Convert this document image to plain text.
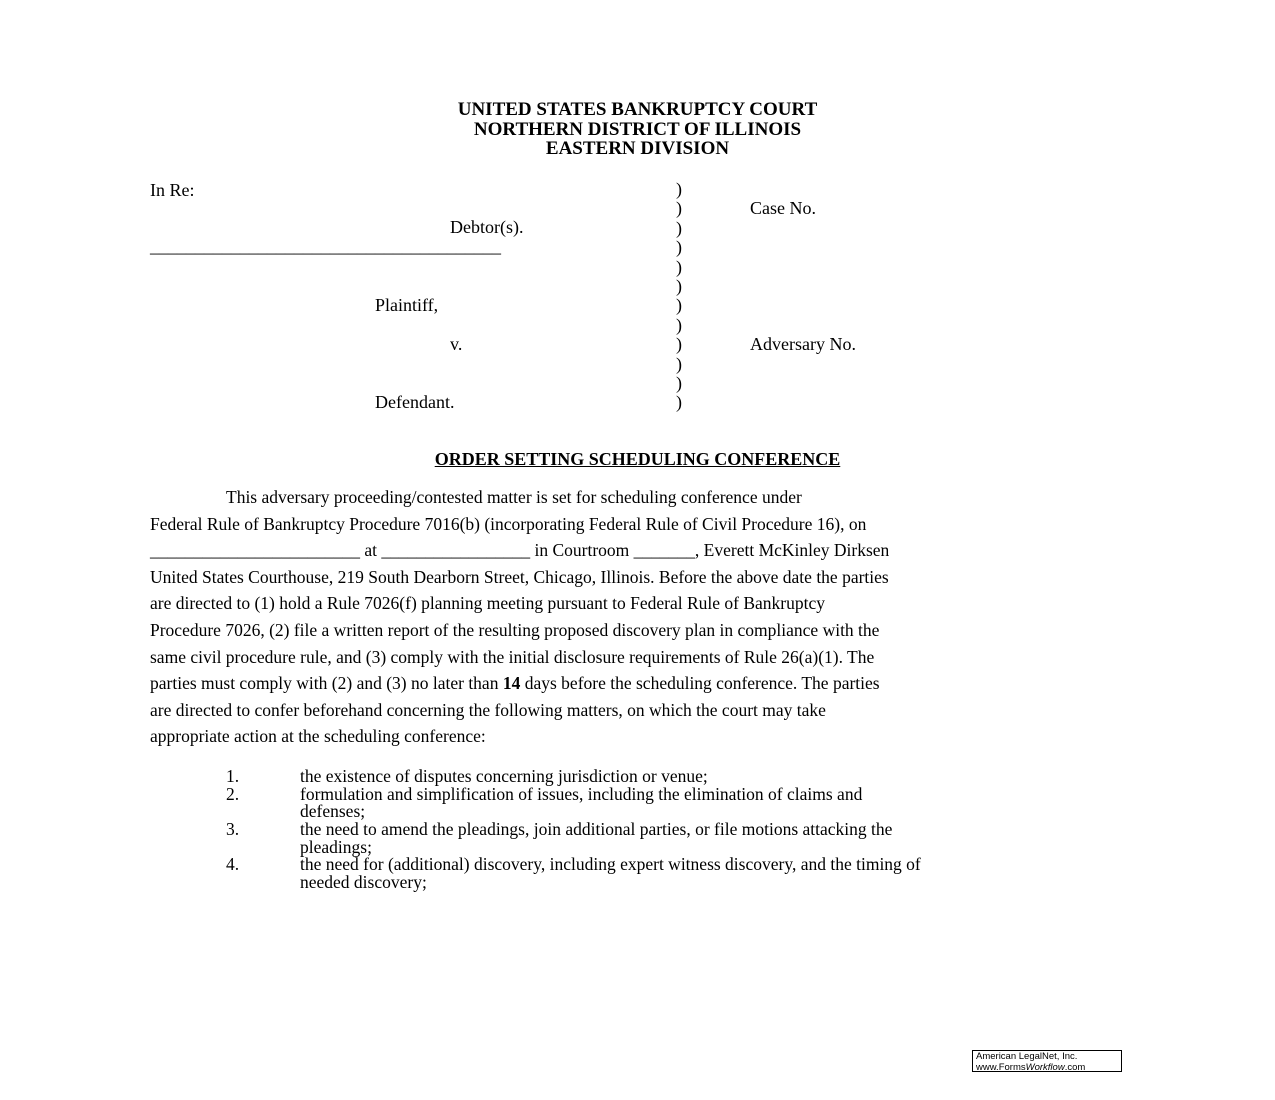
UNITED STATES BANKRUPTCY COURT
NORTHERN DISTRICT OF ILLINOIS
EASTERN DIVISION
In Re:
Debtor(s).
_______________________________________
Plaintiff,
v.
Defendant.
Case No.
Adversary No.
)
)
)
)
)
)
)
)
)
)
)
)
ORDER SETTING SCHEDULING CONFERENCE
This adversary proceeding/contested matter is set for scheduling conference under
Federal Rule of Bankruptcy Procedure 7016(b) (incorporating Federal Rule of Civil Procedure 16), on
________________________ at _________________ in Courtroom _______, Everett McKinley Dirksen
United States Courthouse, 219 South Dearborn Street, Chicago, Illinois. Before the above date the parties
are directed to (1) hold a Rule 7026(f) planning meeting pursuant to Federal Rule of Bankruptcy
Procedure 7026, (2) file a written report of the resulting proposed discovery plan in compliance with the
same civil procedure rule, and (3) comply with the initial disclosure requirements of Rule 26(a)(1). The
parties must comply with (2) and (3) no later than 14 days before the scheduling conference. The parties
are directed to confer beforehand concerning the following matters, on which the court may take
appropriate action at the scheduling conference:
1.	the existence of disputes concerning jurisdiction or venue;
2.	formulation and simplification of issues, including the elimination of claims and
defenses;
3.	the need to amend the pleadings, join additional parties, or file motions attacking the
pleadings;
4.	the need for (additional) discovery, including expert witness discovery, and the timing of
needed discovery;
American LegalNet, Inc.
www.FormsWorkflow.com
